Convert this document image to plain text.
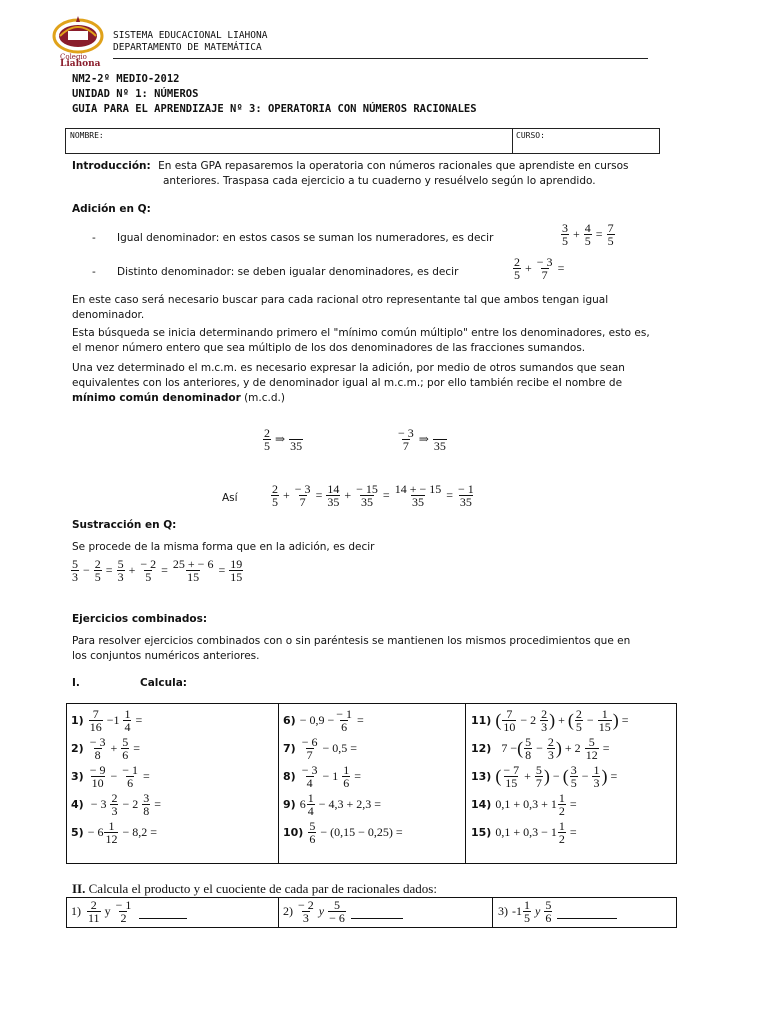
Colegio
Liahona
SISTEMA EDUCACIONAL LIAHONA
DEPARTAMENTO DE MATEMÁTICA
NM2-2º MEDIO-2012
UNIDAD Nº 1: NÚMEROS
GUIA PARA EL APRENDIZAJE Nº 3: OPERATORIA CON NÚMEROS RACIONALES
NOMBRE:	CURSO:
Introducción: En esta GPA repasaremos la operatoria con números racionales que aprendiste en cursos
anteriores. Traspasa cada ejercicio a tu cuaderno y resuélvelo según lo aprendido.
Adición en Q:
- Igual denominador: en estos casos se suman los numeradores, es decir	$\frac{3}{5} + \frac{4}{5} = \frac{7}{5}$
- Distinto denominador: se deben igualar denominadores, es decir	$\frac{2}{5} + \frac{- 3}{7}$ =
En este caso será necesario buscar para cada racional otro representante tal que ambos tengan igual
denominador.
Esta búsqueda se inicia determinando primero el "mínimo común múltiplo" entre los denominadores, esto es,
el menor número entero que sea múltiplo de los dos denominadores de las fracciones sumandos.
Una vez determinado el m.c.m. es necesario expresar la adición, por medio de otros sumandos que sean
equivalentes con los anteriores, y de denominador igual al m.c.m.; por ello también recibe el nombre de
mínimo común denominador (m.c.d.)
$\frac{2}{5}$ ⇒
35	$\frac{- 3}{7}$ ⇒
35
Así	$\frac{2}{5} + \frac{- 3}{7} = \frac{14}{35} + \frac{- 15}{35} = \frac{14 + - 15}{35} = \frac{- 1}{35}$
Sustracción en Q:
Se procede de la misma forma que en la adición, es decir
$\frac{5}{3} - \frac{2}{5} = \frac{5}{3} + \frac{- 2}{5} = \frac{25 + - 6}{15} = \frac{19}{15}$
Ejercicios combinados:
Para resolver ejercicios combinados con o sin paréntesis se mantienen los mismos procedimientos que en
los conjuntos numéricos anteriores.
I.	Calcula:
$1) \frac{7}{16} -1 \frac{1}{4}$ =
$2) \frac{- 3}{8} + \frac{5}{6}$ =
$3) \frac{- 9}{10} - \frac{- 1}{6}$ =
$4) - 3 \frac{2}{3} - 2 \frac{3}{8}$ =
$5) - 6 \frac{1}{12} - 8,2$ =
$6) - 0,9 - \frac{- 1}{6}$ =
$7) \frac{- 6}{7} - 0,5$ =
$8) \frac{- 3}{4} - 1 \frac{1}{6}$ =
9) $6 \frac{1}{4} - 4,3 + 2,3$ =
$10) \frac{5}{6} - (0,15 - 0,25)$ =
11) ( $\frac{7}{10} - 2 \frac{2}{3}$ ) + ( $\frac{2}{5} - \frac{1}{15}$ ) =
12) 7 − ( $\frac{5}{8} - \frac{2}{3}$ ) + $2 \frac{5}{12}$ =
13) ( $\frac{- 7}{15} + \frac{5}{7}$ ) − ( $\frac{3}{5} - \frac{1}{3}$ ) =
14) $0,1 + 0,3 + 1 \frac{1}{2}$ =
15) $0,1 + 0,3 - 1 \frac{1}{2}$ =
II. Calcula el producto y el cuociente de cada par de racionales dados:
$1) \frac{2}{11}$ y $\frac{- 1}{2}$	$2) \frac{- 2}{3}$ y $\frac{5}{- 6}$	3) $-1 \frac{1}{5}$ y $\frac{5}{6}$
